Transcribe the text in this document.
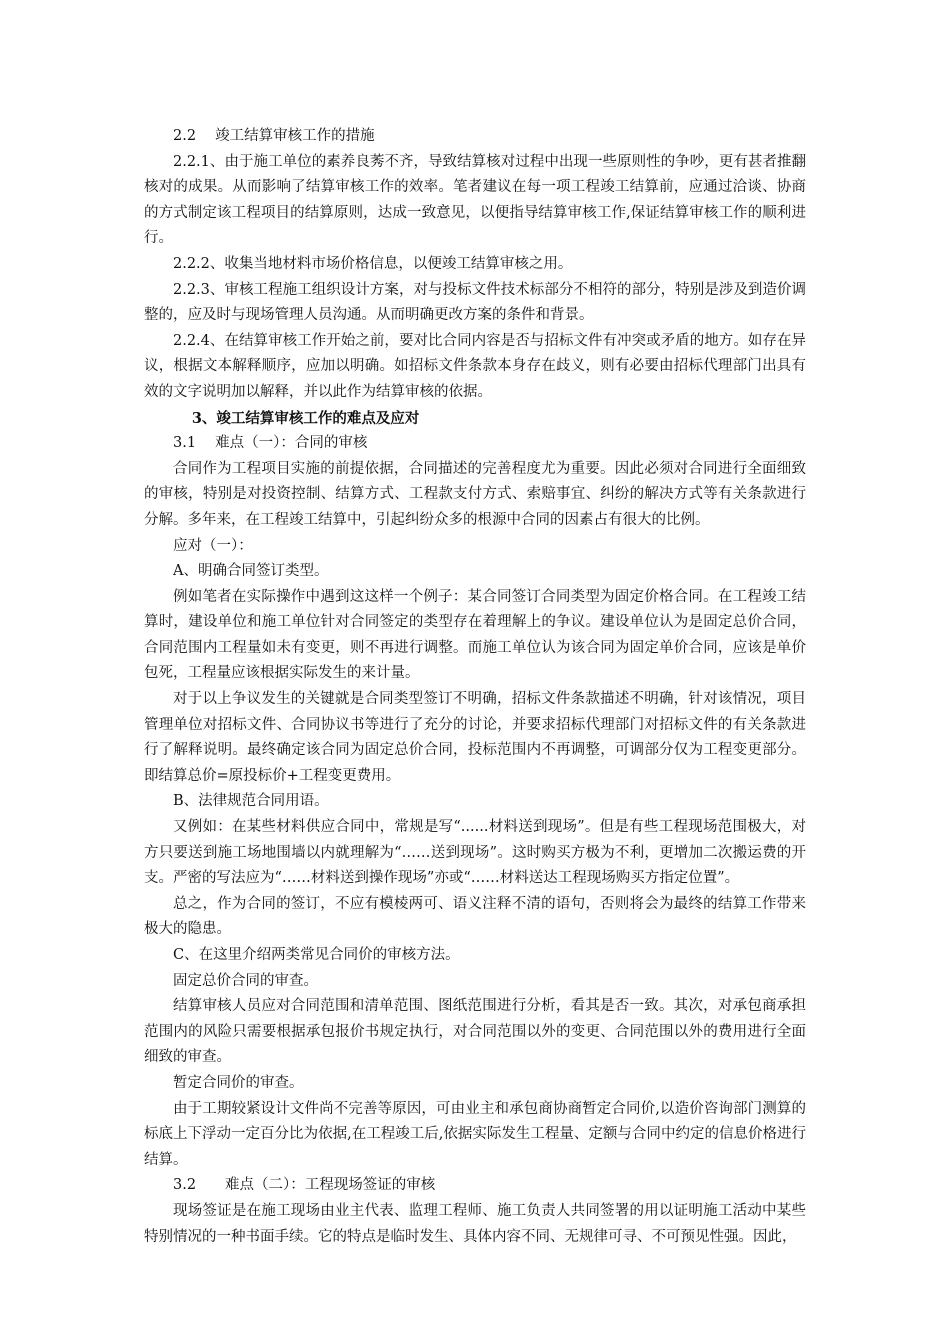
2.2　 竣工结算审核工作的措施

2.2.1、由于施工单位的素养良莠不齐，导致结算核对过程中出现一些原则性的争吵，更有甚者推翻核对的成果。从而影响了结算审核工作的效率。笔者建议在每一项工程竣工结算前，应通过洽谈、协商的方式制定该工程项目的结算原则，达成一致意见，以便指导结算审核工作,保证结算审核工作的顺利进行。

2.2.2、收集当地材料市场价格信息，以便竣工结算审核之用。

2.2.3、审核工程施工组织设计方案，对与投标文件技术标部分不相符的部分，特别是涉及到造价调整的，应及时与现场管理人员沟通。从而明确更改方案的条件和背景。

2.2.4、在结算审核工作开始之前，要对比合同内容是否与招标文件有冲突或矛盾的地方。如存在异议，根据文本解释顺序，应加以明确。如招标文件条款本身存在歧义，则有必要由招标代理部门出具有效的文字说明加以解释，并以此作为结算审核的依据。

3、竣工结算审核工作的难点及应对

3.1　 难点（一）：合同的审核

合同作为工程项目实施的前提依据，合同描述的完善程度尤为重要。因此必须对合同进行全面细致的审核，特别是对投资控制、结算方式、工程款支付方式、索赔事宜、纠纷的解决方式等有关条款进行分解。多年来，在工程竣工结算中，引起纠纷众多的根源中合同的因素占有很大的比例。

应对（一）：

A、明确合同签订类型。

例如笔者在实际操作中遇到这这样一个例子：某合同签订合同类型为固定价格合同。在工程竣工结算时，建设单位和施工单位针对合同签定的类型存在着理解上的争议。建设单位认为是固定总价合同，合同范围内工程量如未有变更，则不再进行调整。而施工单位认为该合同为固定单价合同，应该是单价包死，工程量应该根据实际发生的来计量。

对于以上争议发生的关键就是合同类型签订不明确，招标文件条款描述不明确，针对该情况，项目管理单位对招标文件、合同协议书等进行了充分的讨论，并要求招标代理部门对招标文件的有关条款进行了解释说明。最终确定该合同为固定总价合同，投标范围内不再调整，可调部分仅为工程变更部分。即结算总价=原投标价+工程变更费用。

B、法律规范合同用语。

又例如：在某些材料供应合同中，常规是写“......材料送到现场”。但是有些工程现场范围极大，对方只要送到施工场地围墙以内就理解为“……送到现场”。这时购买方极为不利，更增加二次搬运费的开支。严密的写法应为“……材料送到操作现场”亦或“……材料送达工程现场购买方指定位置”。

总之，作为合同的签订，不应有模棱两可、语义注释不清的语句，否则将会为最终的结算工作带来极大的隐患。

C、在这里介绍两类常见合同价的审核方法。

固定总价合同的审查。

结算审核人员应对合同范围和清单范围、图纸范围进行分析，看其是否一致。其次，对承包商承担范围内的风险只需要根据承包报价书规定执行，对合同范围以外的变更、合同范围以外的费用进行全面细致的审查。

暂定合同价的审查。

由于工期较紧设计文件尚不完善等原因，可由业主和承包商协商暂定合同价,以造价咨询部门测算的标底上下浮动一定百分比为依据,在工程竣工后,依据实际发生工程量、定额与合同中约定的信息价格进行结算。

3.2　　难点（二）：工程现场签证的审核

现场签证是在施工现场由业主代表、监理工程师、施工负责人共同签署的用以证明施工活动中某些特别情况的一种书面手续。它的特点是临时发生、具体内容不同、无规律可寻、不可预见性强。因此，
